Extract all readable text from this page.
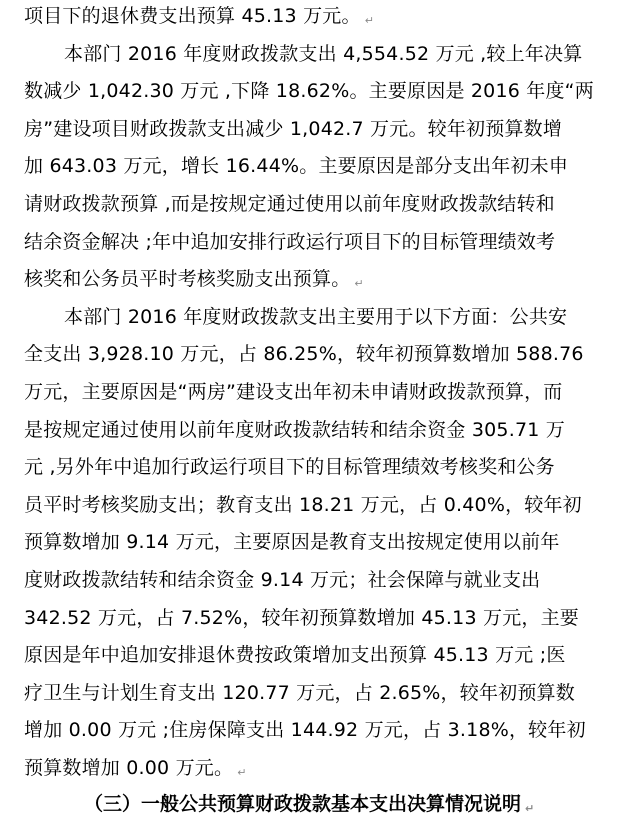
项目下的退休费支出预算 45.13 万元。 ↵
本部门 2016 年度财政拨款支出 4,554.52 万元 ,较上年决算
数减少 1,042.30 万元 ,下降 18.62%。主要原因是 2016 年度“两
房”建设项目财政拨款支出减少 1,042.7 万元。较年初预算数增
加 643.03 万元，增长 16.44%。主要原因是部分支出年初未申
请财政拨款预算 ,而是按规定通过使用以前年度财政拨款结转和
结余资金解决 ;年中追加安排行政运行项目下的目标管理绩效考
核奖和公务员平时考核奖励支出预算。 ↵
本部门 2016 年度财政拨款支出主要用于以下方面：公共安
全支出 3,928.10 万元，占 86.25%，较年初预算数增加 588.76
万元，主要原因是“两房”建设支出年初未申请财政拨款预算，而
是按规定通过使用以前年度财政拨款结转和结余资金 305.71 万
元 ,另外年中追加行政运行项目下的目标管理绩效考核奖和公务
员平时考核奖励支出；教育支出 18.21 万元，占 0.40%，较年初
预算数增加 9.14 万元，主要原因是教育支出按规定使用以前年
度财政拨款结转和结余资金 9.14 万元；社会保障与就业支出
342.52 万元，占 7.52%，较年初预算数增加 45.13 万元，主要
原因是年中追加安排退休费按政策增加支出预算 45.13 万元 ;医
疗卫生与计划生育支出 120.77 万元，占 2.65%，较年初预算数
增加 0.00 万元 ;住房保障支出 144.92 万元，占 3.18%，较年初
预算数增加 0.00 万元。 ↵
（三）一般公共预算财政拨款基本支出决算情况说明 ↵
